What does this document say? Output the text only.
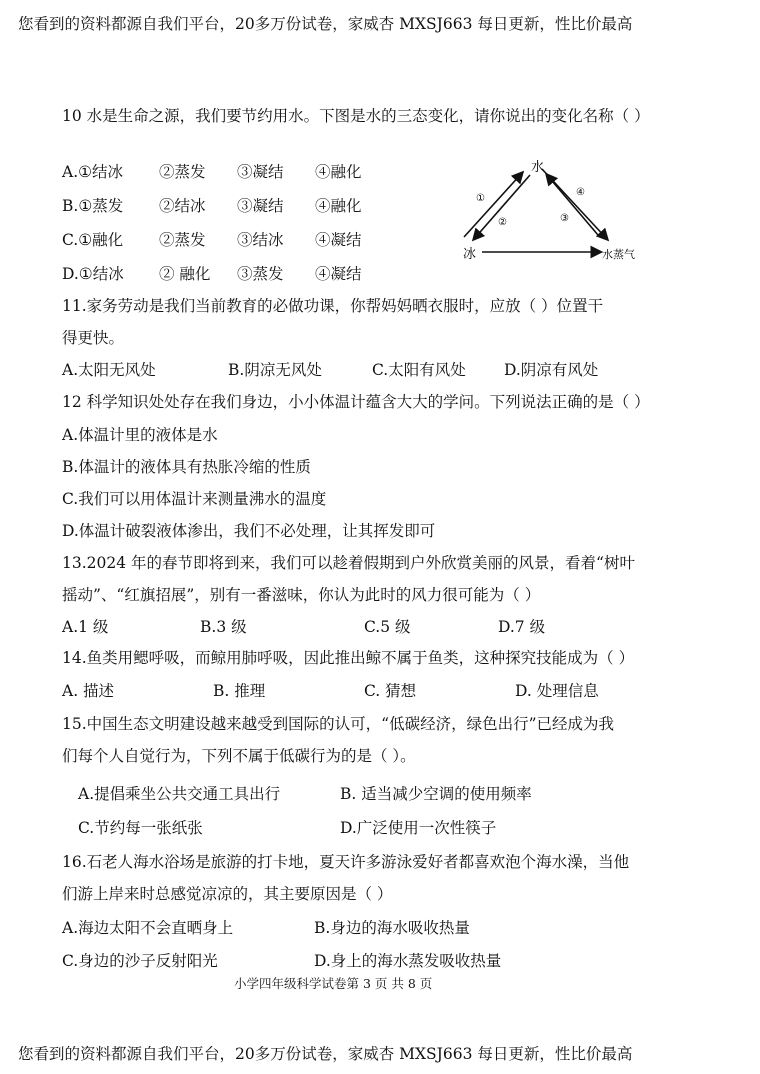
您看到的资料都源自我们平台，20多万份试卷，家威杏 MXSJ663 每日更新，性比价最高
10 水是生命之源，我们要节约用水。下图是水的三态变化，请你说出的变化名称（ ）
A.①结冰 ②蒸发 ③凝结 ④融化
B.①蒸发 ②结冰 ③凝结 ④融化
C.①融化 ②蒸发 ③结冰 ④凝结
D.①结冰 ② 融化 ③蒸发 ④凝结
水
冰	水蒸气
①
②	③
④
11.家务劳动是我们当前教育的必做功课，你帮妈妈晒衣服时，应放（ ）位置干
得更快。
A.太阳无风处	B.阴凉无风处	C.太阳有风处 D.阴凉有风处
12 科学知识处处存在我们身边，小小体温计蕴含大大的学问。下列说法正确的是（ ）
A.体温计里的液体是水
B.体温计的液体具有热胀冷缩的性质
C.我们可以用体温计来测量沸水的温度
D.体温计破裂液体渗出，我们不必处理，让其挥发即可
13.2024 年的春节即将到来，我们可以趁着假期到户外欣赏美丽的风景，看着“树叶
摇动”、“红旗招展”，别有一番滋味，你认为此时的风力很可能为（ ）
A.1 级	B.3 级	C.5 级	D.7 级
14.鱼类用鳃呼吸，而鲸用肺呼吸，因此推出鲸不属于鱼类，这种探究技能成为（ ）
A. 描述	B. 推理	C. 猜想	D. 处理信息
15.中国生态文明建设越来越受到国际的认可，“低碳经济，绿色出行”已经成为我
们每个人自觉行为，下列不属于低碳行为的是（ ）。
A.提倡乘坐公共交通工具出行	B. 适当减少空调的使用频率
C.节约每一张纸张	D.广泛使用一次性筷子
16.石老人海水浴场是旅游的打卡地，夏天许多游泳爱好者都喜欢泡个海水澡，当他
们游上岸来时总感觉凉凉的，其主要原因是（ ）
A.海边太阳不会直晒身上	B.身边的海水吸收热量
C.身边的沙子反射阳光	D.身上的海水蒸发吸收热量
小学四年级科学试卷第 3 页 共 8 页
您看到的资料都源自我们平台，20多万份试卷，家威杏 MXSJ663 每日更新，性比价最高
